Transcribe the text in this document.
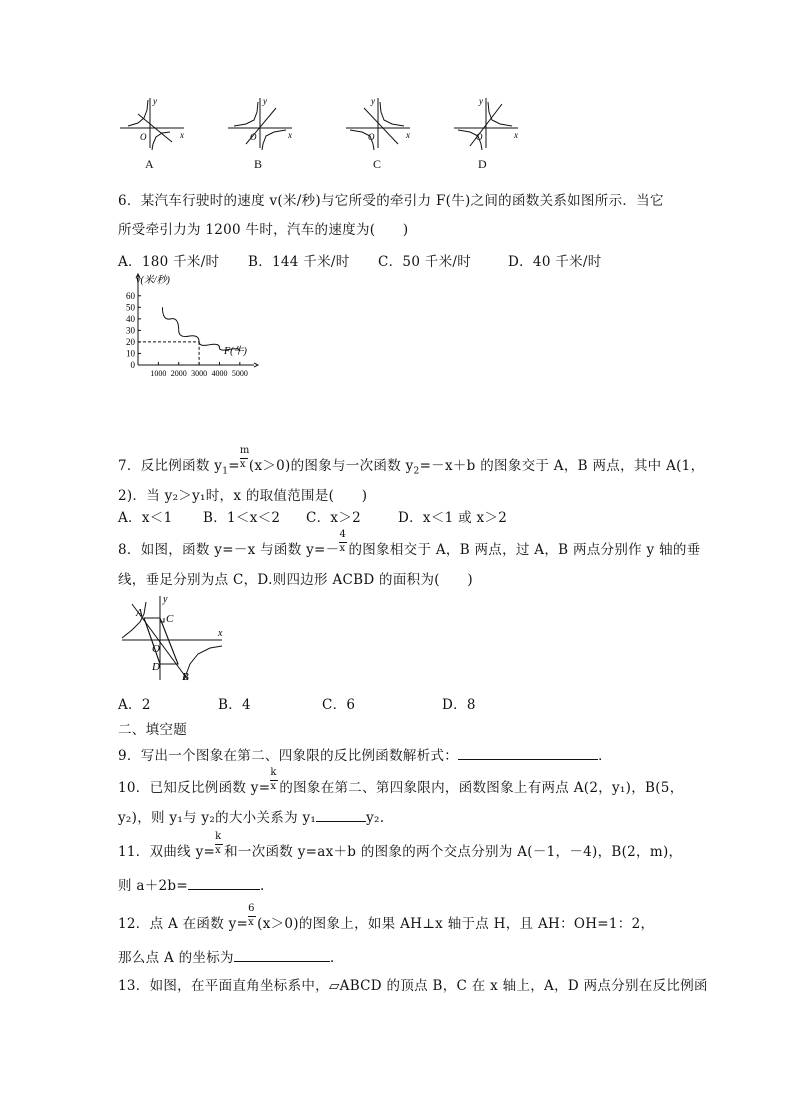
y
x
O
y
x
O
y
x
O
y
x
O
A	B	C	D
6．某汽车行驶时的速度 v(米/秒)与它所受的牵引力 F(牛)之间的函数关系如图所示．当它
所受牵引力为 1200 牛时，汽车的速度为(　　)
A．180 千米/时 B．144 千米/时 C．50 千米/时	D．40 千米/时
0
10
20
30
40
50
60
1000 2000 3000 4000 5000
v(米/秒)
F(牛)
7．反比例函数 $y_1= \frac{m}{x} (x>0)$的图象与一次函数 $y_2=-x+b$ 的图象交于 A，B 两点，其中 A(1，
2)．当 y₂＞y₁时，x 的取值范围是(　　)
A．x＜1 B．1＜x＜2 C．x＞2	D．x＜1 或 x＞2
8．如图，函数 y=－x 与函数 $y=- \frac{4}{x}$ 的图象相交于 A，B 两点，过 A，B 两点分别作 y 轴的垂
线，垂足分别为点 C，D.则四边形 ACBD 的面积为(　　)
A C
O
D
B
x
y
A．2	B．4	C．6	D．8
二、填空题
9．写出一个图象在第二、四象限的反比例函数解析式：	．
10．已知反比例函数 $y= \frac{k}{x}$ 的图象在第二、第四象限内，函数图象上有两点 A(2，y₁)，B(5，
y₂)，则 y₁与 y₂的大小关系为 y₁	y₂.
11．双曲线 $y= \frac{k}{x}$ 和一次函数 y=ax＋b 的图象的两个交点分别为 A(－1，－4)，B(2，m)，
则 a＋2b=	.
12．点 A 在函数 $y= \frac{6}{x} (x>0)$的图象上，如果 AH⊥x 轴于点 H，且 AH：OH=1：2，
那么点 A 的坐标为	.
13．如图，在平面直角坐标系中，▱ABCD 的顶点 B，C 在 x 轴上，A，D 两点分别在反比例函
